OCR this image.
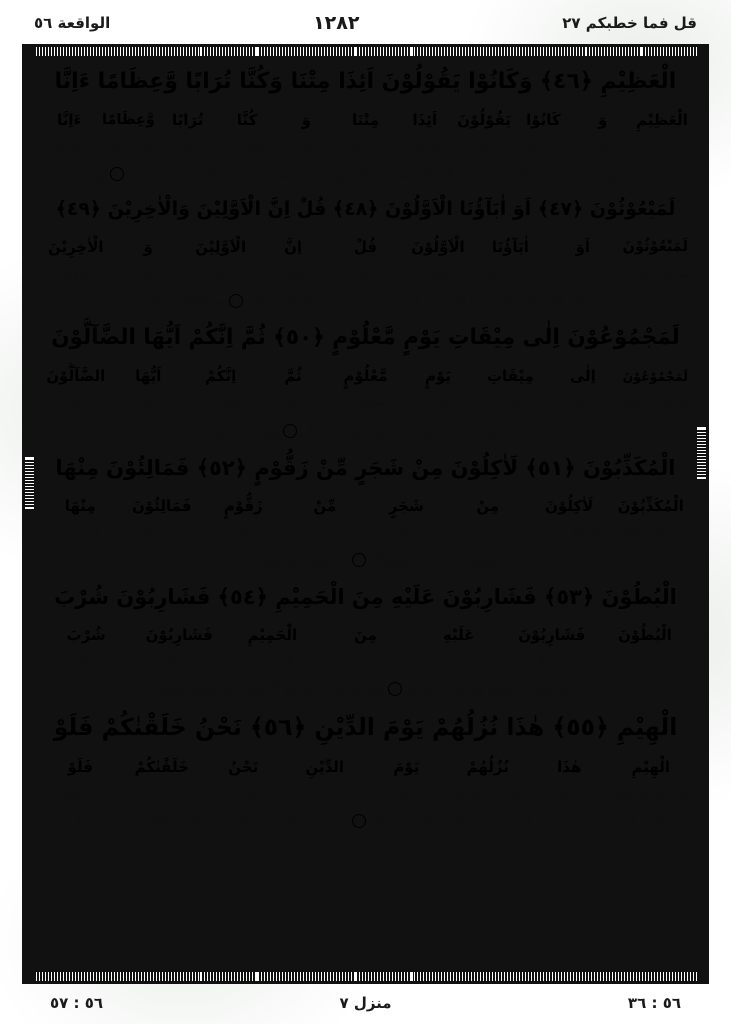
قل فما خطبکم ۲۷
۱۲۸۲
الواقعة ٥٦
الْعَظِيْمِ ﴿٤٦﴾ وَكَانُوْا يَقُوْلُوْنَ اَئِذَا مِتْنَا وَكُنَّا تُرَابًا وَّعِظَامًا ءَاِنَّا
الْعَظِيْمِ	وَ	كَانُوْا	يَقُوْلُوْنَ	اَئِذَا	مِتْنَا	وَ	كُنَّا	تُرَابًا	وَّعِظَامًا	ءَاِنَّا
بڑے	اور	تھے وہ	کہتے	کیا جب	ہم مر جائینگے	اور	ہوں گے	منی	اور ہڈیاں	کیا ہم
اور کہا کرتے تھے کہ بھلا جب ہم مر گئے اور مٹی ہو گئے اور ہڈیاں (ہی ہڈیاں رہ گئے ) تو کیا ہمیں٤٦تھے
لَمَبْعُوْثُوْنَ ﴿٤٧﴾ اَوَ اٰبَآؤُنَا الْاَوَّلُوْنَ ﴿٤٨﴾ قُلْ اِنَّ الْاَوَّلِيْنَ وَالْاٰخِرِيْنَ ﴿٤٩﴾
لَمَبْعُوْثُوْنَ	اَوَ	اٰبَآؤُنَا	الْاَوَّلُوْنَ	قُلْ	اِنَّ	الْاَوَّلِيْنَ	وَ	الْاٰخِرِيْنَ
پھر اٹھائے جائیں گے	یا	باپ ہمارے	پہلے	کہہ	بیشک	پہلے	اور	پچھلے
اور کیا ہمارے باپ دادا کو بھی؟ کہہ دو کہ بے شک پہلے اور پچھلے٤٨پھر اٹھنا ہو گا؟
لَمَجْمُوْعُوْنَ اِلٰى مِيْقَاتِ يَوْمٍ مَّعْلُوْمٍ ﴿٥٠﴾ ثُمَّ اِنَّكُمْ اَيُّهَا الضَّآلُّوْنَ
لَمَجْمُوْعُوْنَ	اِلٰى	مِيْقَاتِ	يَوْمٍ	مَّعْلُوْمٍ	ثُمَّ	اِنَّكُمْ	اَيُّهَا	الضَّآلُّوْنَ
البتہ اکٹھے کیے جائینگے	طرف	وقت	ایک دن	معلوم کے	پھر	بیشک تم	اے	گمراہو
(سب) ایک روز مقرر کے وقت پر جمع کیے جائیں گے٥٠پھر تم اے جھٹلانے والے
الْمُكَذِّبُوْنَ ﴿٥١﴾ لَاٰكِلُوْنَ مِنْ شَجَرٍ مِّنْ زَقُّوْمٍ ﴿٥٢﴾ فَمَالِئُوْنَ مِنْهَا
الْمُكَذِّبُوْنَ	لَاٰكِلُوْنَ	مِنْ	شَجَرٍ	مِّنْ	زَقُّوْمٍ	فَمَالِئُوْنَ	مِنْهَا
جھٹلانے والو	البتہ کھانے والے ہو	سے	درخت	سے	تھوہڑ کے	پس بھرنے والے ہو	اس سے
تھوہر کے درخت کھاؤ گے٥٢گمراہو! اور اسی سے
الْبُطُوْنَ ﴿٥٣﴾ فَشَارِبُوْنَ عَلَيْهِ مِنَ الْحَمِيْمِ ﴿٥٤﴾ فَشَارِبُوْنَ شُرْبَ
الْبُطُوْنَ	فَشَارِبُوْنَ	عَلَيْهِ	مِنَ	الْحَمِيْمِ	فَشَارِبُوْنَ	شُرْبَ
پیٹوں کو	پھر پینے والے ہو	اور اس کے	سے	گرم پانی	پھر پینے والے ہو	پینا
اور اس پر کھولتا ہوا پانی پیو گے٥٤پیٹ بھرو گے اور پیو گے بھی اس طرح جیسے
الْهِيْمِ ﴿٥٥﴾ هٰذَا نُزُلُهُمْ يَوْمَ الدِّيْنِ ﴿٥٦﴾ نَحْنُ خَلَقْنٰكُمْ فَلَوْ
الْهِيْمِ	هٰذَا	نُزُلُهُمْ	يَوْمَ	الدِّيْنِ	نَحْنُ	خَلَقْنٰكُمْ	فَلَوْ
پیاسے اونٹوں جیسا	یہ ہے	مہمانی ان کی	دن	جزا کے	ہم نے	پیدا کیا ہے تم کو	پس کیوں
پیاسے اُونٹ پیتے ہیں  جزا کے دن یہ اُن کی ضیافت ہو گی٥٦ہم نے تم کو (پہلی بار بھی تو) پیدا کیا ہے تو تم (دوبارہ
٥٦ : ٣٦
منزل ۷
٥٦ : ٥٧
